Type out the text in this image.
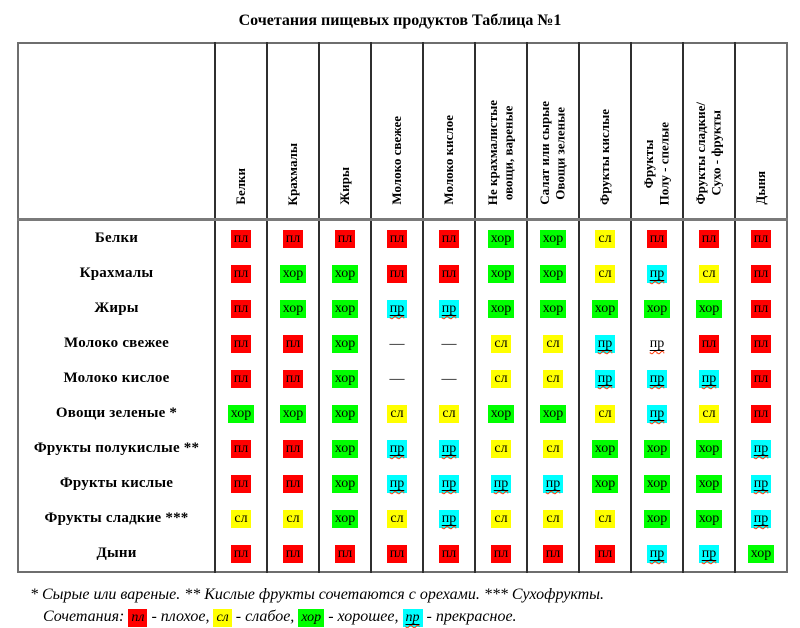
Сочетания пищевых продуктов Таблица №1
	Белки	Крахмалы	Жиры	Молоко свежее	Молоко кислое	Не крахмалистые
овощи, вареные	Салат или сырые
Овощи зеленые	Фрукты кислые	Фрукты
Полу - спелые	Фрукты сладкие/
Сухо - фрукты	Дыня
Белки	пл	пл	пл	пл	пл	хор	хор	сл	пл	пл	пл
Крахмалы	пл	хор	хор	пл	пл	хор	хор	сл	пр	сл	пл
Жиры	пл	хор	хор	пр	пр	хор	хор	хор	хор	хор	пл
Молоко свежее	пл	пл	хор	—	—	сл	сл	пр	пр	пл	пл
Молоко кислое	пл	пл	хор	—	—	сл	сл	пр	пр	пр	пл
Овощи зеленые *	хор	хор	хор	сл	сл	хор	хор	сл	пр	сл	пл
Фрукты полукислые **	пл	пл	хор	пр	пр	сл	сл	хор	хор	хор	пр
Фрукты кислые	пл	пл	хор	пр	пр	пр	пр	хор	хор	хор	пр
Фрукты сладкие ***	сл	сл	хор	сл	пр	сл	сл	сл	хор	хор	пр
Дыни	пл	пл	пл	пл	пл	пл	пл	пл	пр	пр	хор
* Сырые или вареные. ** Кислые фрукты сочетаются с орехами. *** Сухофрукты.
Сочетания: пл - плохое, сл - слабое, хор - хорошее, пр - прекрасное.
